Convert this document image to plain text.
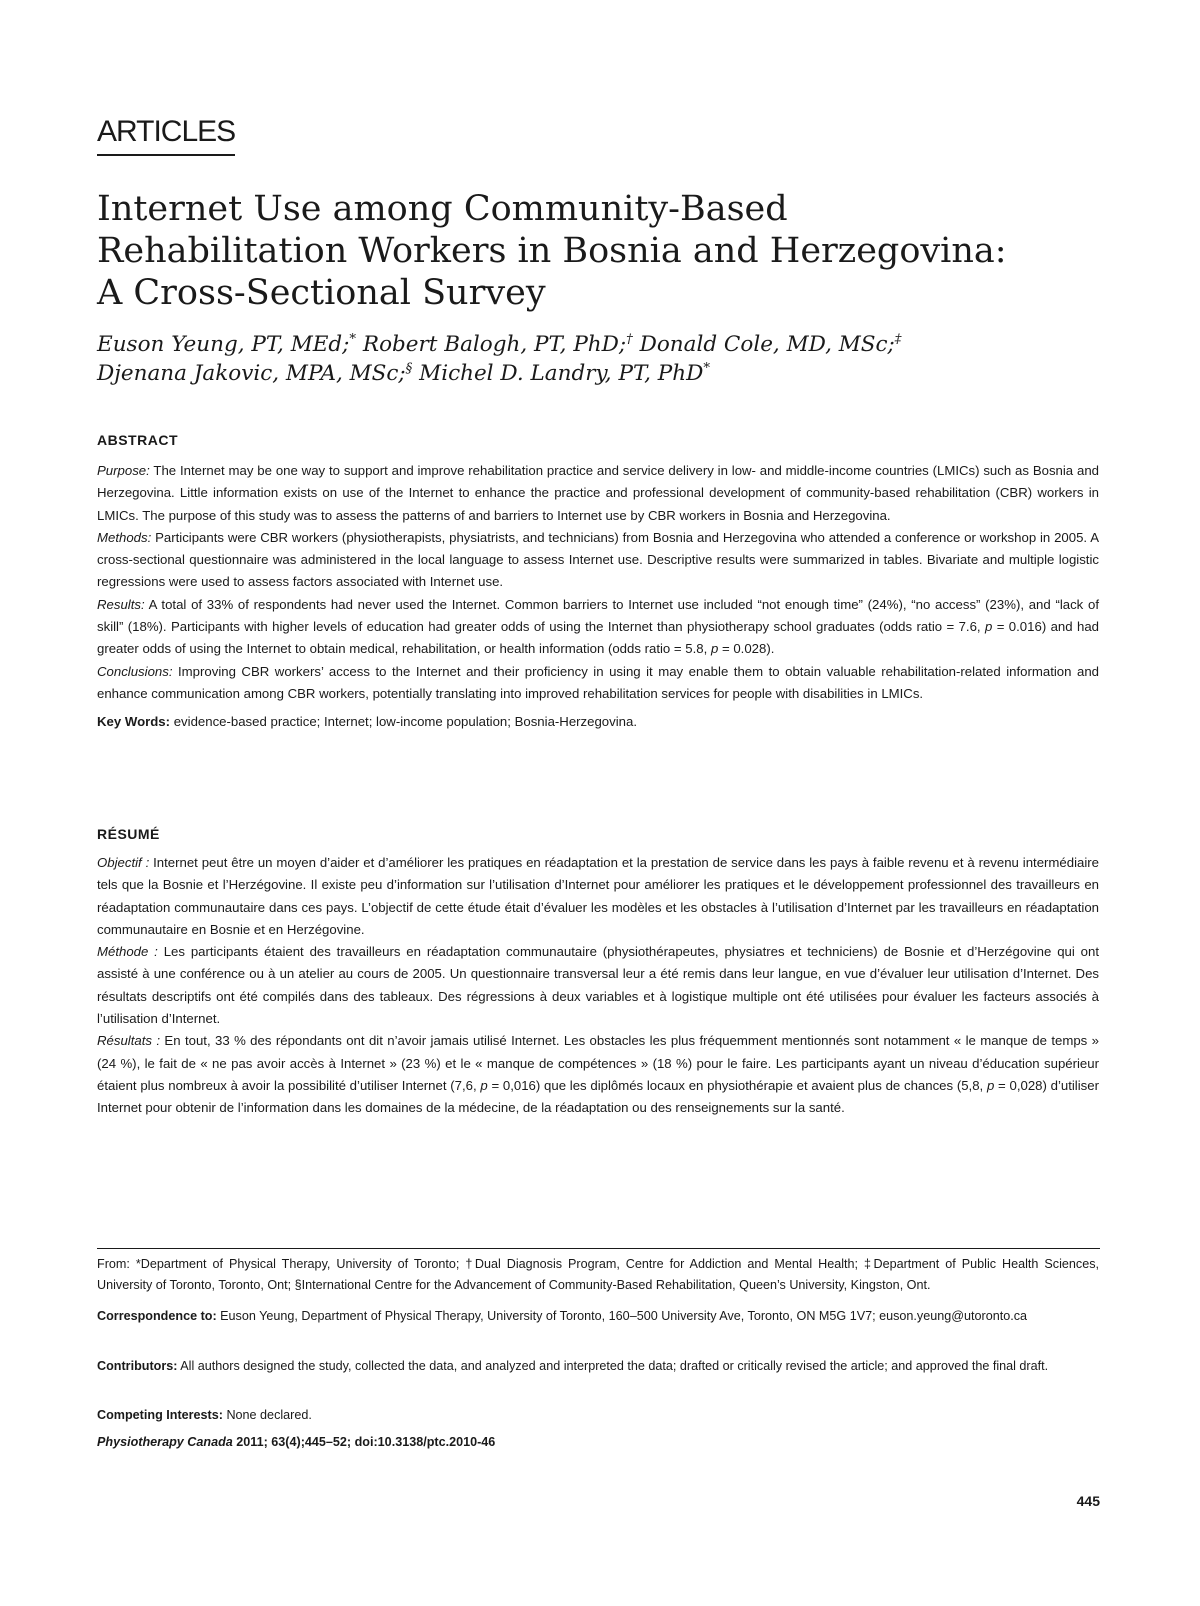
ARTICLES
Internet Use among Community-Based
Rehabilitation Workers in Bosnia and Herzegovina:
A Cross-Sectional Survey
Euson Yeung, PT, MEd;* Robert Balogh, PT, PhD;† Donald Cole, MD, MSc;‡
Djenana Jakovic, MPA, MSc;§ Michel D. Landry, PT, PhD*
ABSTRACT

Purpose: The Internet may be one way to support and improve rehabilitation practice and service delivery in low- and middle-income countries (LMICs) such as Bosnia and Herzegovina. Little information exists on use of the Internet to enhance the practice and professional development of community-based rehabilitation (CBR) workers in LMICs. The purpose of this study was to assess the patterns of and barriers to Internet use by CBR workers in Bosnia and Herzegovina.

Methods: Participants were CBR workers (physiotherapists, physiatrists, and technicians) from Bosnia and Herzegovina who attended a conference or workshop in 2005. A cross-sectional questionnaire was administered in the local language to assess Internet use. Descriptive results were summarized in tables. Bivariate and multiple logistic regressions were used to assess factors associated with Internet use.

Results: A total of 33% of respondents had never used the Internet. Common barriers to Internet use included “not enough time” (24%), “no access” (23%), and “lack of skill” (18%). Participants with higher levels of education had greater odds of using the Internet than physiotherapy school graduates (odds ratio = 7.6, p = 0.016) and had greater odds of using the Internet to obtain medical, rehabilitation, or health information (odds ratio = 5.8, p = 0.028).

Conclusions: Improving CBR workers’ access to the Internet and their proficiency in using it may enable them to obtain valuable rehabilitation-related information and enhance communication among CBR workers, potentially translating into improved rehabilitation services for people with disabilities in LMICs.

Key Words: evidence-based practice; Internet; low-income population; Bosnia-Herzegovina.

RÉSUMÉ

Objectif : Internet peut être un moyen d’aider et d’améliorer les pratiques en réadaptation et la prestation de service dans les pays à faible revenu et à revenu intermédiaire tels que la Bosnie et l’Herzégovine. Il existe peu d’information sur l’utilisation d’Internet pour améliorer les pratiques et le développement professionnel des travailleurs en réadaptation communautaire dans ces pays. L’objectif de cette étude était d’évaluer les modèles et les obstacles à l’utilisation d’Internet par les travailleurs en réadaptation communautaire en Bosnie et en Herzégovine.

Méthode : Les participants étaient des travailleurs en réadaptation communautaire (physiothérapeutes, physiatres et techniciens) de Bosnie et d’Herzégovine qui ont assisté à une conférence ou à un atelier au cours de 2005. Un questionnaire transversal leur a été remis dans leur langue, en vue d’évaluer leur utilisation d’Internet. Des résultats descriptifs ont été compilés dans des tableaux. Des régressions à deux variables et à logistique multiple ont été utilisées pour évaluer les facteurs associés à l’utilisation d’Internet.

Résultats : En tout, 33 % des répondants ont dit n’avoir jamais utilisé Internet. Les obstacles les plus fréquemment mentionnés sont notamment « le manque de temps » (24 %), le fait de « ne pas avoir accès à Internet » (23 %) et le « manque de compétences » (18 %) pour le faire. Les participants ayant un niveau d’éducation supérieur étaient plus nombreux à avoir la possibilité d’utiliser Internet (7,6, p = 0,016) que les diplômés locaux en physiothérapie et avaient plus de chances (5,8, p = 0,028) d’utiliser Internet pour obtenir de l’information dans les domaines de la médecine, de la réadaptation ou des renseignements sur la santé.

From: *Department of Physical Therapy, University of Toronto; †Dual Diagnosis Program, Centre for Addiction and Mental Health; ‡Department of Public Health Sciences, University of Toronto, Toronto, Ont; §International Centre for the Advancement of Community-Based Rehabilitation, Queen’s University, Kingston, Ont.
Correspondence to: Euson Yeung, Department of Physical Therapy, University of Toronto, 160–500 University Ave, Toronto, ON M5G 1V7; euson.yeung@utoronto.ca
Contributors: All authors designed the study, collected the data, and analyzed and interpreted the data; drafted or critically revised the article; and approved the final draft.
Competing Interests: None declared.
Physiotherapy Canada 2011; 63(4);445–52; doi:10.3138/ptc.2010-46
445
